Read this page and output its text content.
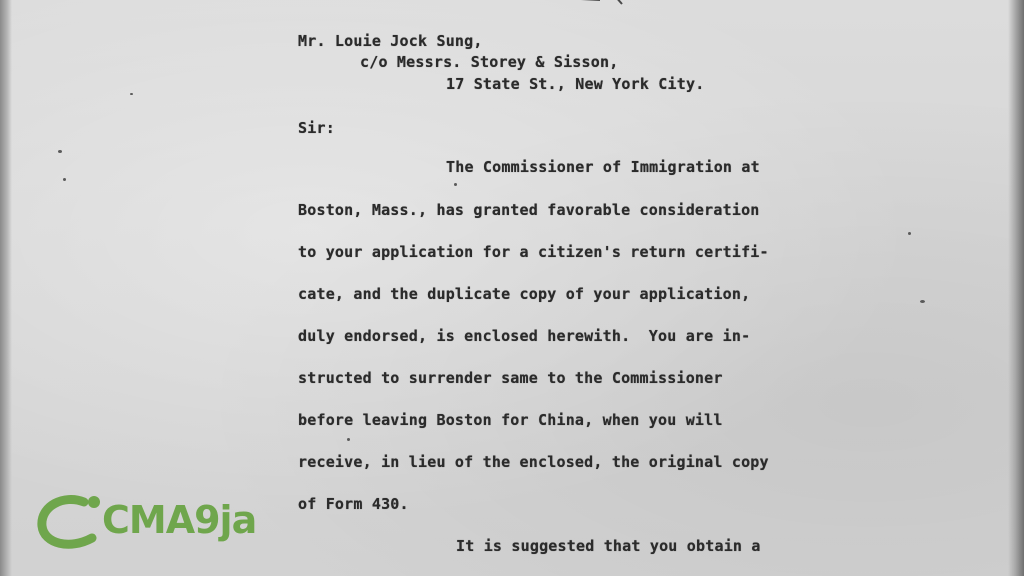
Mr. Louie Jock Sung,
c/o Messrs. Storey & Sisson,
17 State St., New York City.
Sir:
The Commissioner of Immigration at
Boston, Mass., has granted favorable consideration
to your application for a citizen's return certifi-
cate, and the duplicate copy of your application,
duly endorsed, is enclosed herewith.  You are in-
structed to surrender same to the Commissioner
before leaving Boston for China, when you will
receive, in lieu of the enclosed, the original copy
of Form 430.
It is suggested that you obtain a
CMA9ja
